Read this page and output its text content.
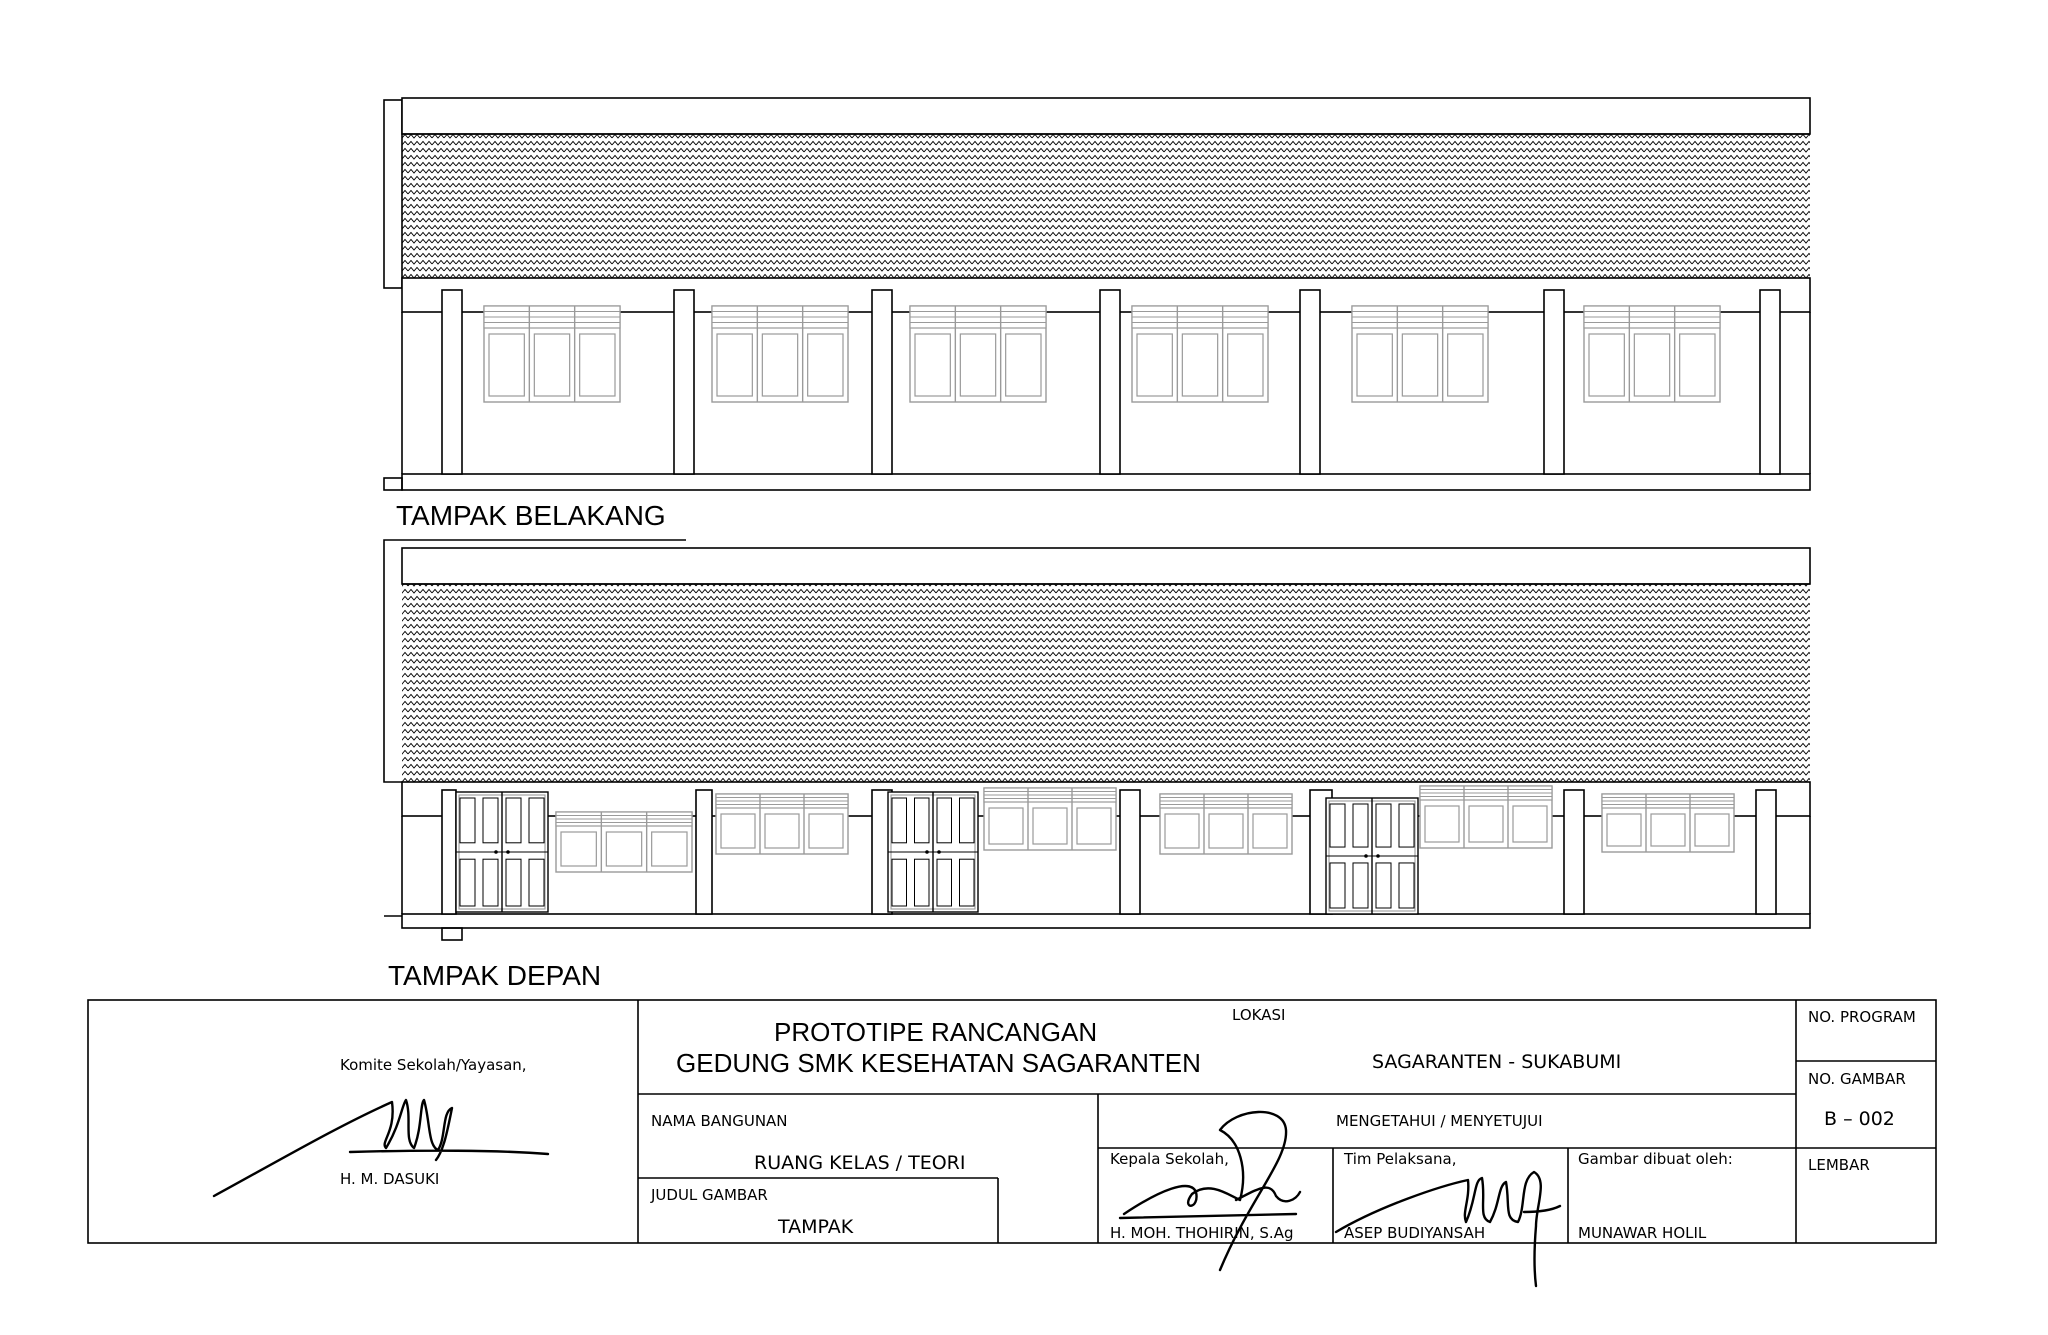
TAMPAK BELAKANG
TAMPAK DEPAN
Komite Sekolah/Yayasan,
H. M. DASUKI
PROTOTIPE RANCANGAN
GEDUNG SMK KESEHATAN SAGARANTEN
LOKASI
SAGARANTEN - SUKABUMI
NAMA BANGUNAN
RUANG KELAS / TEORI
JUDUL GAMBAR
TAMPAK
MENGETAHUI / MENYETUJUI
Kepala Sekolah,
H. MOH. THOHIRIN, S.Ag
Tim Pelaksana,
ASEP BUDIYANSAH
Gambar dibuat oleh:
MUNAWAR HOLIL
NO. PROGRAM
NO. GAMBAR
B – 002
LEMBAR
